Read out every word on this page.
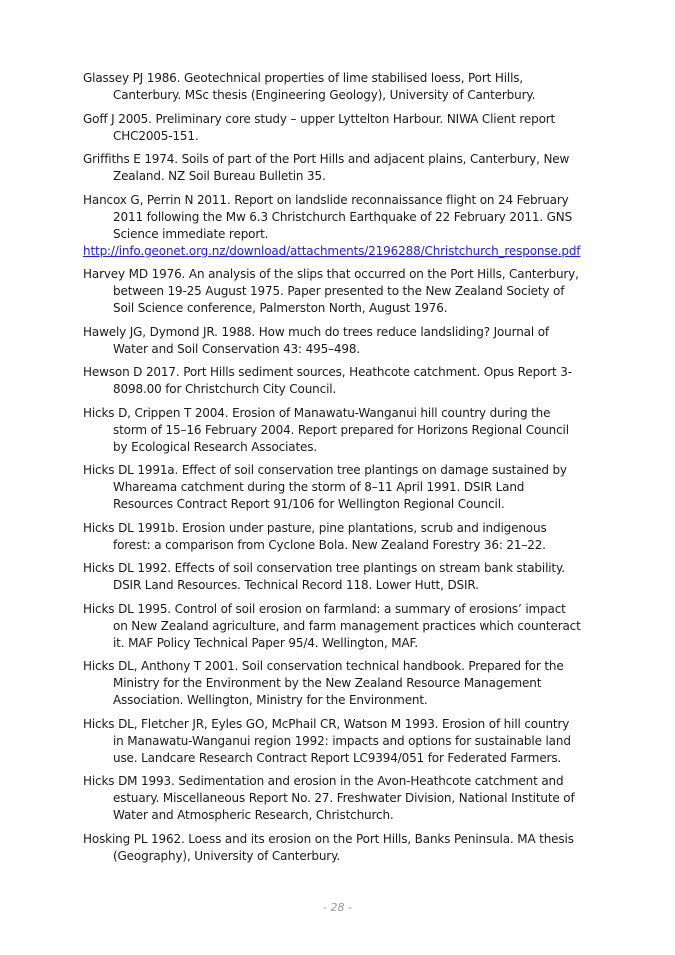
Glassey PJ 1986. Geotechnical properties of lime stabilised loess, Port Hills, Canterbury. MSc thesis (Engineering Geology), University of Canterbury.

Goff J 2005. Preliminary core study – upper Lyttelton Harbour. NIWA Client report CHC2005-151.

Griffiths E 1974. Soils of part of the Port Hills and adjacent plains, Canterbury, New Zealand. NZ Soil Bureau Bulletin 35.

Hancox G, Perrin N 2011. Report on landslide reconnaissance flight on 24 February 2011 following the Mw 6.3 Christchurch Earthquake of 22 February 2011. GNS Science immediate report.
http://info.geonet.org.nz/download/attachments/2196288/Christchurch_response.pdf

Harvey MD 1976. An analysis of the slips that occurred on the Port Hills, Canterbury, between 19-25 August 1975. Paper presented to the New Zealand Society of Soil Science conference, Palmerston North, August 1976.

Hawely JG, Dymond JR. 1988. How much do trees reduce landsliding? Journal of Water and Soil Conservation 43: 495–498.

Hewson D 2017. Port Hills sediment sources, Heathcote catchment. Opus Report 3-8098.00 for Christchurch City Council.

Hicks D, Crippen T 2004. Erosion of Manawatu-Wanganui hill country during the storm of 15–16 February 2004. Report prepared for Horizons Regional Council by Ecological Research Associates.

Hicks DL 1991a. Effect of soil conservation tree plantings on damage sustained by Whareama catchment during the storm of 8–11 April 1991. DSIR Land Resources Contract Report 91/106 for Wellington Regional Council.

Hicks DL 1991b. Erosion under pasture, pine plantations, scrub and indigenous forest: a comparison from Cyclone Bola. New Zealand Forestry 36: 21–22.

Hicks DL 1992. Effects of soil conservation tree plantings on stream bank stability. DSIR Land Resources. Technical Record 118. Lower Hutt, DSIR.

Hicks DL 1995. Control of soil erosion on farmland: a summary of erosions’ impact on New Zealand agriculture, and farm management practices which counteract it. MAF Policy Technical Paper 95/4. Wellington, MAF.

Hicks DL, Anthony T 2001. Soil conservation technical handbook. Prepared for the Ministry for the Environment by the New Zealand Resource Management Association. Wellington, Ministry for the Environment.

Hicks DL, Fletcher JR, Eyles GO, McPhail CR, Watson M 1993. Erosion of hill country in Manawatu-Wanganui region 1992: impacts and options for sustainable land use. Landcare Research Contract Report LC9394/051 for Federated Farmers.

Hicks DM 1993. Sedimentation and erosion in the Avon-Heathcote catchment and estuary. Miscellaneous Report No. 27. Freshwater Division, National Institute of Water and Atmospheric Research, Christchurch.

Hosking PL 1962. Loess and its erosion on the Port Hills, Banks Peninsula. MA thesis (Geography), University of Canterbury.

- 28 -
